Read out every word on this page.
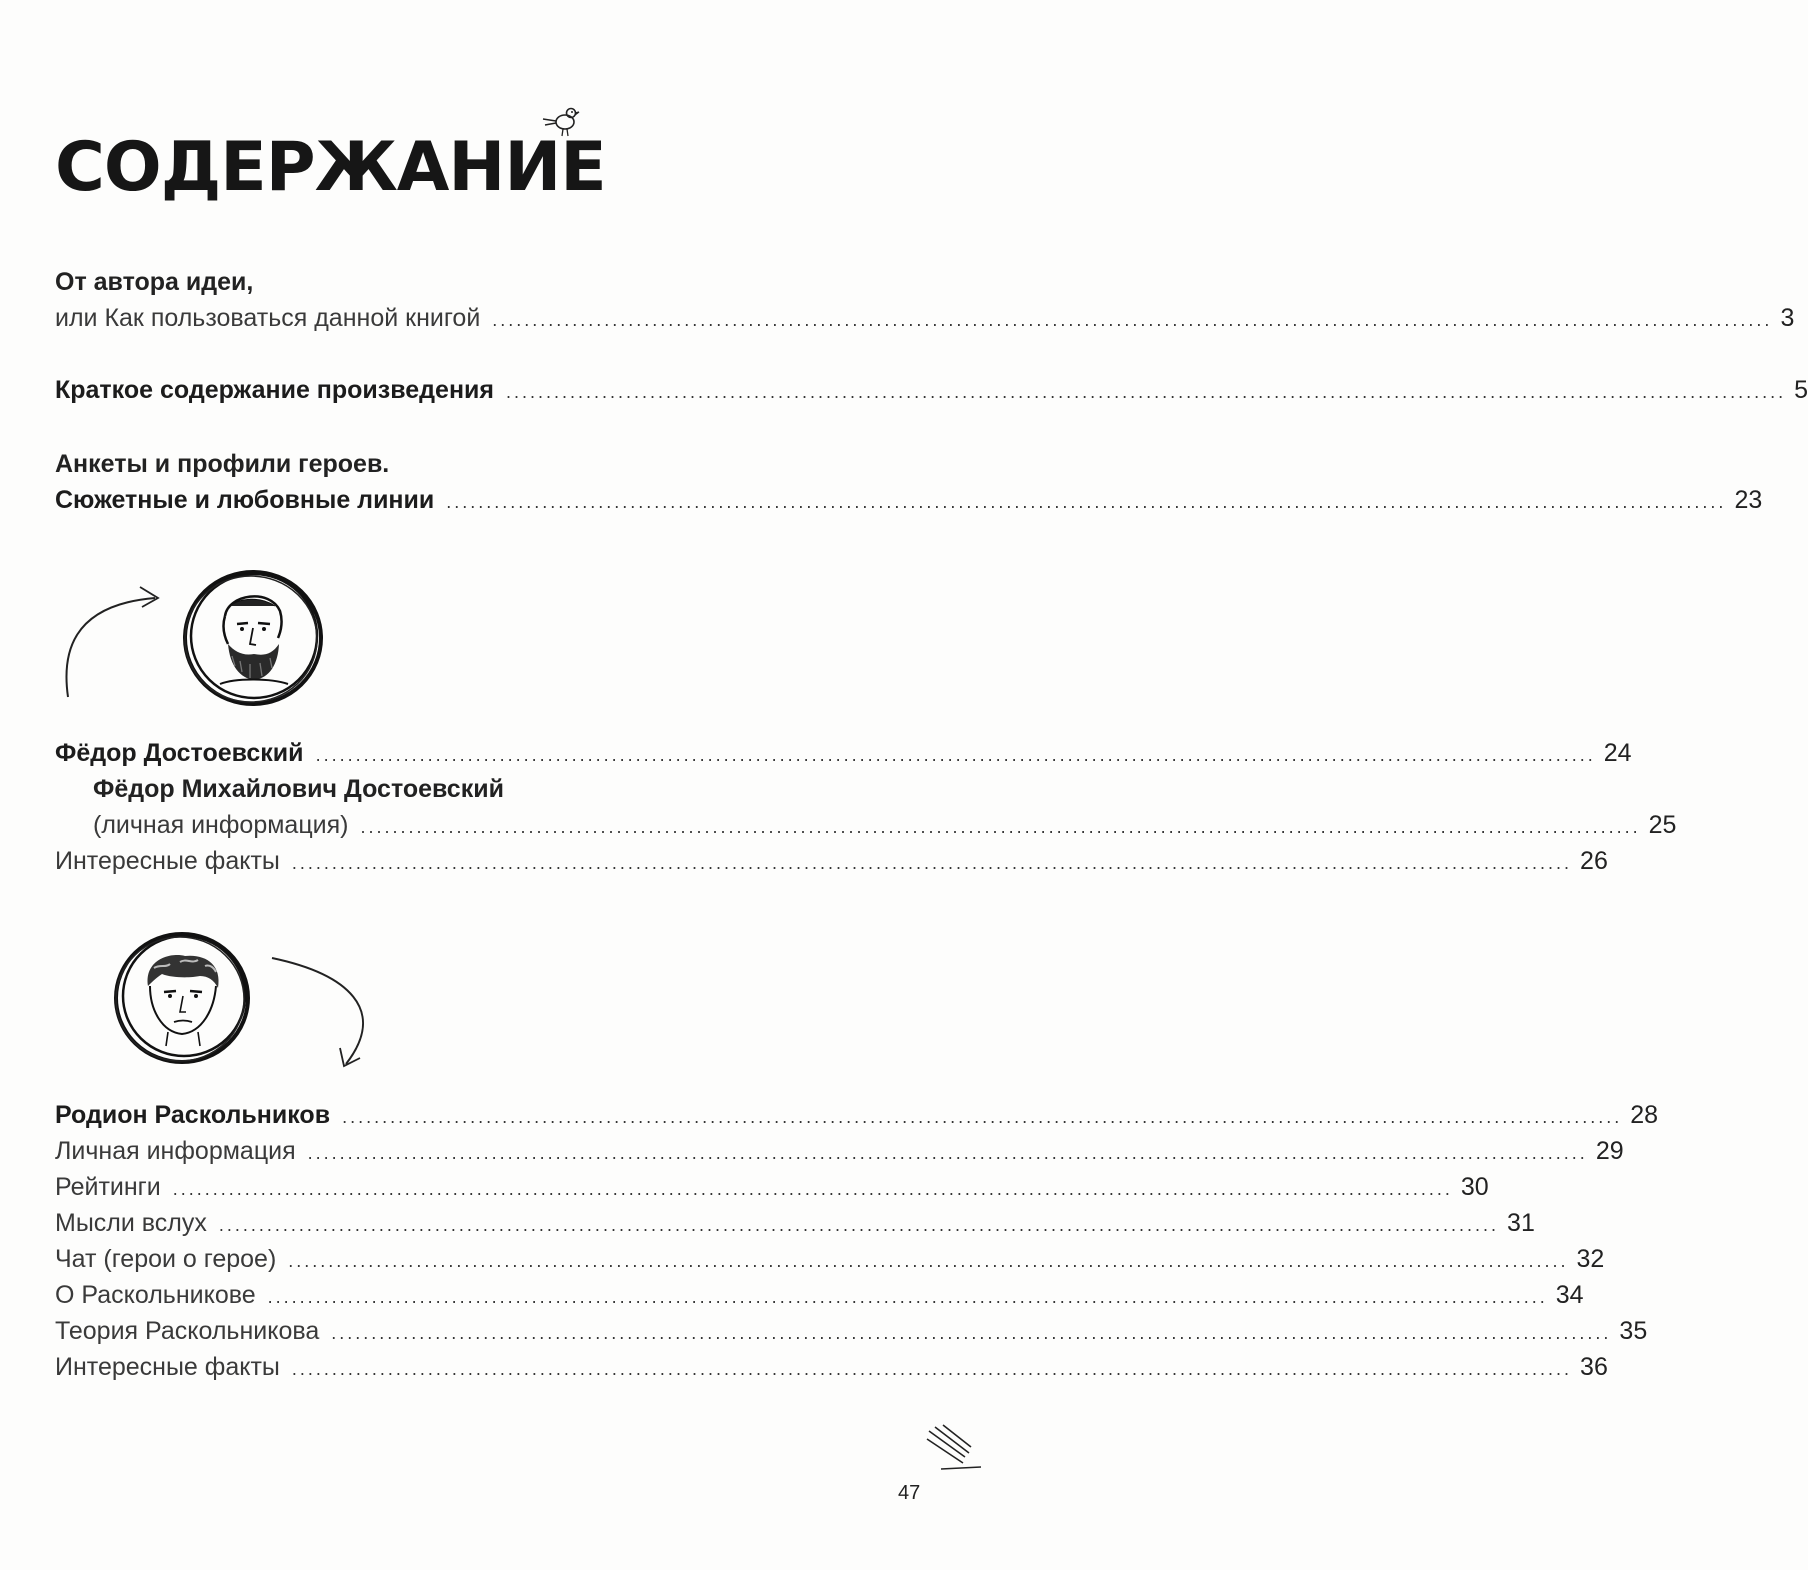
СОДЕРЖАНИЕ
От автора идеи,
или Как пользоваться данной книгой ................................................................................................................................................................ 3
Краткое содержание произведения ................................................................................................................................................................ 5
Анкеты и профили героев.
Сюжетные и любовные линии ................................................................................................................................................................ 23
Фёдор Достоевский ................................................................................................................................................................ 24
Фёдор Михайлович Достоевский
(личная информация) ................................................................................................................................................................ 25
Интересные факты ................................................................................................................................................................ 26
Родион Раскольников ................................................................................................................................................................ 28
Личная информация ................................................................................................................................................................ 29
Рейтинги ................................................................................................................................................................ 30
Мысли вслух ................................................................................................................................................................ 31
Чат (герои о герое) ................................................................................................................................................................ 32
О Раскольникове ................................................................................................................................................................ 34
Теория Раскольникова ................................................................................................................................................................ 35
Интересные факты ................................................................................................................................................................ 36
47
